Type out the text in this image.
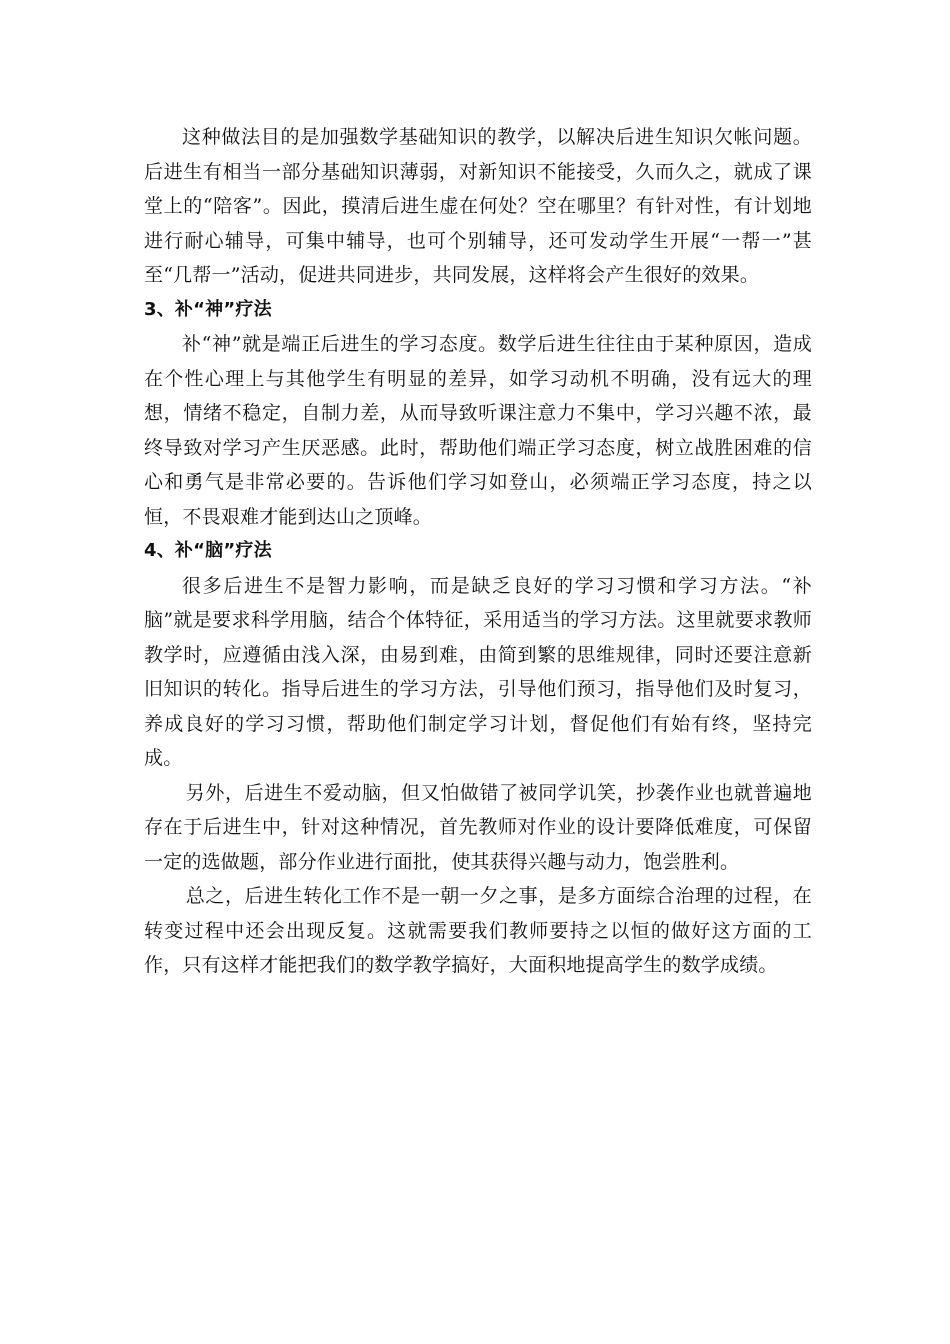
这种做法目的是加强数学基础知识的教学，以解决后进生知识欠帐问题。后进生有相当一部分基础知识薄弱，对新知识不能接受，久而久之，就成了课堂上的“陪客”。因此，摸清后进生虚在何处？空在哪里？有针对性，有计划地进行耐心辅导，可集中辅导，也可个别辅导，还可发动学生开展“一帮一”甚至“几帮一”活动，促进共同进步，共同发展，这样将会产生很好的效果。

3、补“神”疗法

补“神”就是端正后进生的学习态度。数学后进生往往由于某种原因，造成在个性心理上与其他学生有明显的差异，如学习动机不明确，没有远大的理想，情绪不稳定，自制力差，从而导致听课注意力不集中，学习兴趣不浓，最终导致对学习产生厌恶感。此时，帮助他们端正学习态度，树立战胜困难的信心和勇气是非常必要的。告诉他们学习如登山，必须端正学习态度，持之以恒，不畏艰难才能到达山之顶峰。

4、补“脑”疗法

很多后进生不是智力影响，而是缺乏良好的学习习惯和学习方法。“补脑”就是要求科学用脑，结合个体特征，采用适当的学习方法。这里就要求教师教学时，应遵循由浅入深，由易到难，由简到繁的思维规律，同时还要注意新旧知识的转化。指导后进生的学习方法，引导他们预习，指导他们及时复习，养成良好的学习习惯，帮助他们制定学习计划，督促他们有始有终，坚持完成。

另外，后进生不爱动脑，但又怕做错了被同学讥笑，抄袭作业也就普遍地存在于后进生中，针对这种情况，首先教师对作业的设计要降低难度，可保留一定的选做题，部分作业进行面批，使其获得兴趣与动力，饱尝胜利。

总之，后进生转化工作不是一朝一夕之事，是多方面综合治理的过程，在转变过程中还会出现反复。这就需要我们教师要持之以恒的做好这方面的工作，只有这样才能把我们的数学教学搞好，大面积地提高学生的数学成绩。
